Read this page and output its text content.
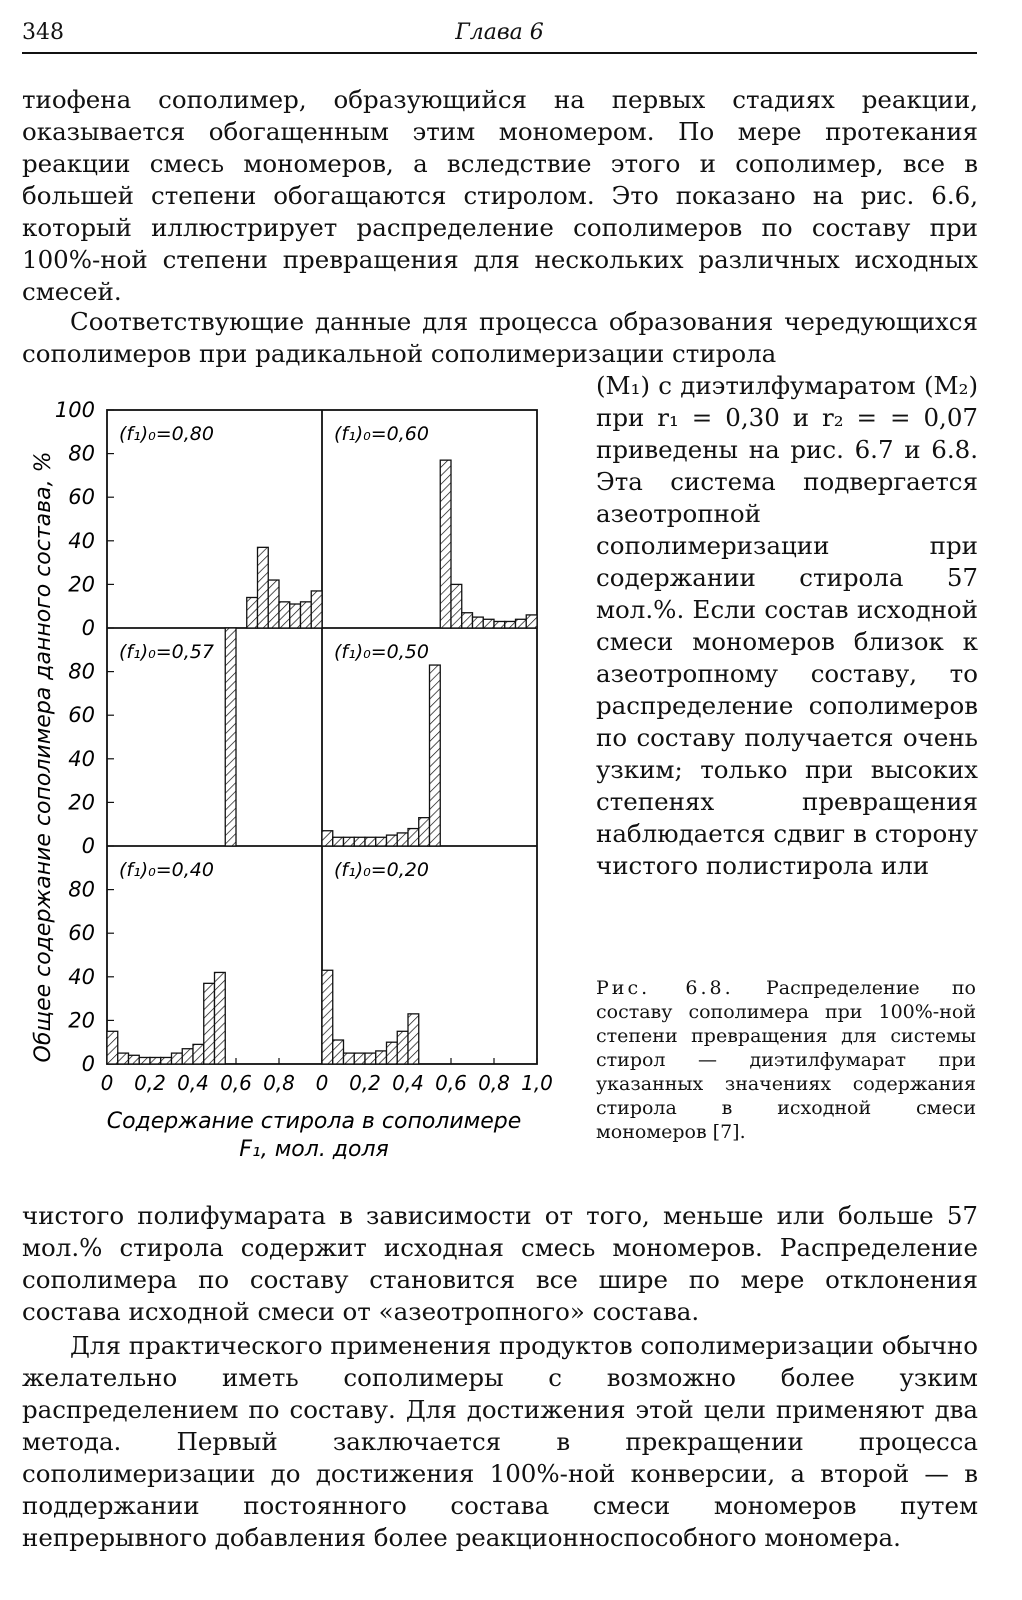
348	Глава 6

тиофена сополимер, образующийся на первых стадиях реакции, оказывается обогащенным этим мономером. По мере протекания реакции смесь мономеров, а вследствие этого и сополимер, все в большей степени обогащаются стиролом. Это показано на рис. 6.6, который иллюстрирует распределение сополимеров по составу при 100%-ной степени превращения для нескольких различных исходных смесей.

Соответствующие данные для процесса образования чередующихся сополимеров при радикальной сополимеризации стирола

(M₁) с диэтилфумаратом (M₂) при r₁ = 0,30 и r₂ = = 0,07 приведены на рис. 6.7 и 6.8. Эта система подвергается азеотропной сополимеризации при содержании стирола 57 мол.%. Если состав исходной смеси мономеров близок к азеотропному составу, то распределение сополимеров по составу получается очень узким; только при высоких степенях превращения наблюдается сдвиг в сторону чистого полистирола или

0
20
40
60
80
100
0
20
40
60
80
0
20
40
60
80
0 0,2 0,4 0,6 0,8 0 0,2 0,4 0,6 0,8 1,0
(f₁)₀=0,80	(f₁)₀=0,60
(f₁)₀=0,57	(f₁)₀=0,50
(f₁)₀=0,40	(f₁)₀=0,20
Общее содержание сополимера данного состава, %
Содержание стирола в сополимере
F₁, мол. доля

Рис. 6.8. Распределение по составу сополимера при 100%-ной степени превращения для системы стирол — диэтилфумарат при указанных значениях содержания стирола в исходной смеси мономеров [7].

чистого полифумарата в зависимости от того, меньше или больше 57 мол.% стирола содержит исходная смесь мономеров. Распределение сополимера по составу становится все шире по мере отклонения состава исходной смеси от «азеотропного» состава.

Для практического применения продуктов сополимеризации обычно желательно иметь сополимеры с возможно более узким распределением по составу. Для достижения этой цели применяют два метода. Первый заключается в прекращении процесса сополимеризации до достижения 100%-ной конверсии, а второй — в поддержании постоянного состава смеси мономеров путем непрерывного добавления более реакционноспособного мономера.
